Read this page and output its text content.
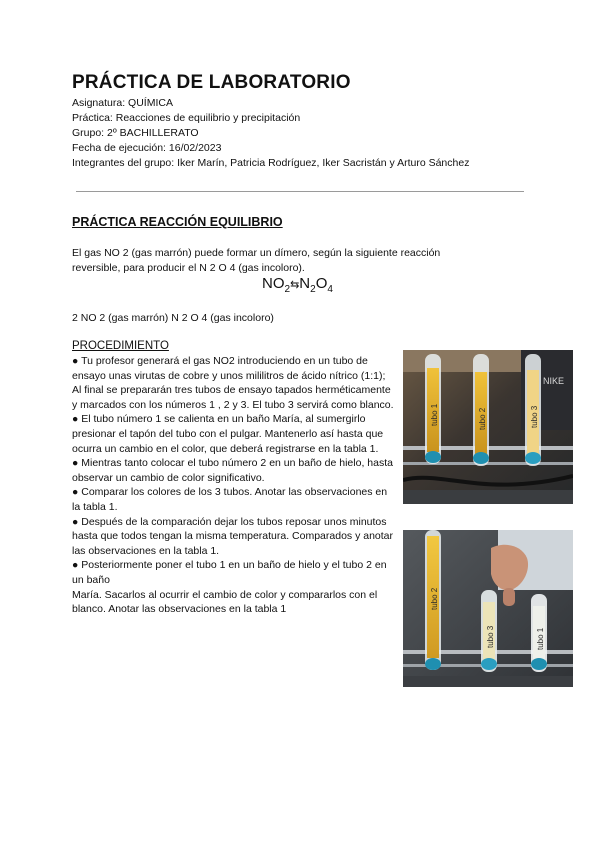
PRÁCTICA DE LABORATORIO
Asignatura: QUÍMICA
Práctica: Reacciones de equilibrio y precipitación
Grupo: 2º BACHILLERATO
Fecha de ejecución: 16/02/2023
Integrantes del grupo: Iker Marín, Patricia Rodríguez, Iker Sacristán y Arturo Sánchez
PRÁCTICA REACCIÓN EQUILIBRIO
El gas NO 2 (gas marrón) puede formar un dímero, según la siguiente reacción reversible, para producir el N 2 O 4 (gas incoloro).
$NO_2⇆N_2O_4$
2 NO 2 (gas marrón) N 2 O 4 (gas incoloro)
PROCEDIMIENTO

● Tu profesor generará el gas NO2 introduciendo en un tubo de ensayo unas virutas de cobre y unos mililitros de ácido nítrico (1:1); Al final se prepararán tres tubos de ensayo tapados herméticamente y marcados con los números 1 , 2 y 3. El tubo 3 servirá como blanco.

● El tubo número 1 se calienta en un baño María, al sumergirlo presionar el tapón del tubo con el pulgar. Mantenerlo así hasta que ocurra un cambio en el color, que deberá registrarse en la tabla 1.

● Mientras tanto colocar el tubo número 2 en un baño de hielo, hasta observar un cambio de color significativo.

● Comparar los colores de los 3 tubos. Anotar las observaciones en la tabla 1.

● Después de la comparación dejar los tubos reposar unos minutos hasta que todos tengan la misma temperatura. Comparados y anotar las observaciones en la tabla 1.

● Posteriormente poner el tubo 1 en un baño de hielo y el tubo 2 en un baño

María. Sacarlos al ocurrir el cambio de color y compararlos con el blanco. Anotar las observaciones en la tabla 1

NIKE
tubo 1	tubo 2	tubo 3
tubo 2
tubo 3	tubo 1
